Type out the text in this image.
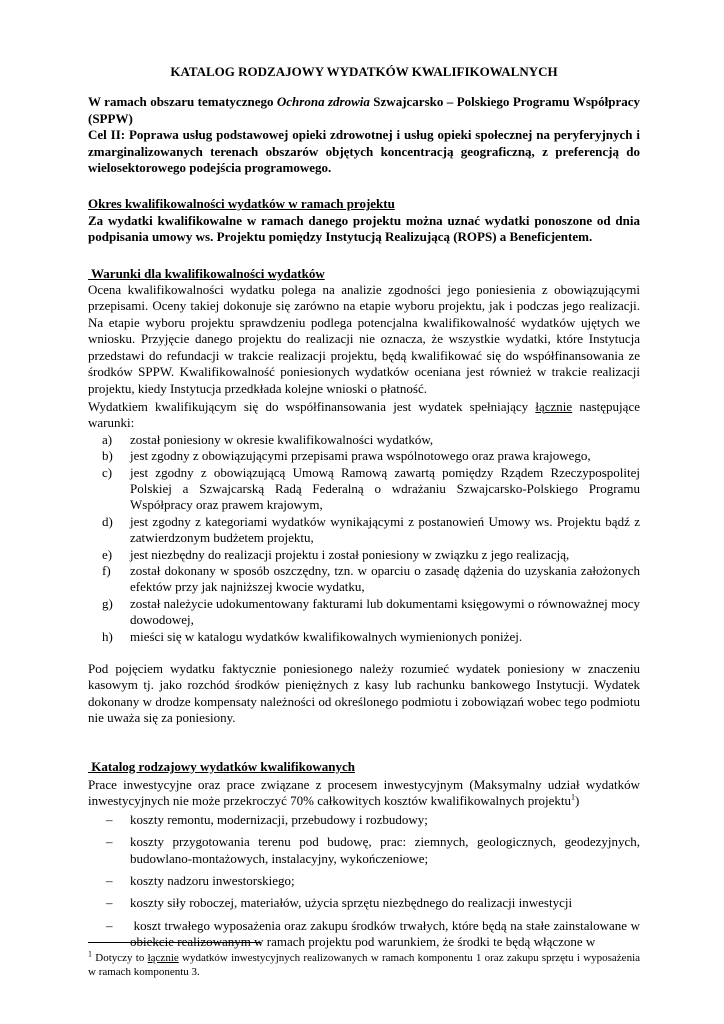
KATALOG RODZAJOWY WYDATKÓW KWALIFIKOWALNYCH

W ramach obszaru tematycznego Ochrona zdrowia Szwajcarsko – Polskiego Programu Współpracy (SPPW)

Cel II: Poprawa usług podstawowej opieki zdrowotnej i usług opieki społecznej na peryferyjnych i zmarginalizowanych terenach obszarów objętych koncentracją geograficzną, z preferencją do wielosektorowego podejścia programowego.

Okres kwalifikowalności wydatków w ramach projektu

Za wydatki kwalifikowalne w ramach danego projektu można uznać wydatki ponoszone od dnia podpisania umowy ws. Projektu pomiędzy Instytucją Realizującą (ROPS) a Beneficjentem.

Warunki dla kwalifikowalności wydatków

Ocena kwalifikowalności wydatku polega na analizie zgodności jego poniesienia z obowiązującymi przepisami. Oceny takiej dokonuje się zarówno na etapie wyboru projektu, jak i podczas jego realizacji. Na etapie wyboru projektu sprawdzeniu podlega potencjalna kwalifikowalność wydatków ujętych we wniosku. Przyjęcie danego projektu do realizacji nie oznacza, że wszystkie wydatki, które Instytucja przedstawi do refundacji w trakcie realizacji projektu, będą kwalifikować się do współfinansowania ze środków SPPW. Kwalifikowalność poniesionych wydatków oceniana jest również w trakcie realizacji projektu, kiedy Instytucja przedkłada kolejne wnioski o płatność.

Wydatkiem kwalifikującym się do współfinansowania jest wydatek spełniający łącznie następujące warunki:

a)	został poniesiony w okresie kwalifikowalności wydatków,
b)	jest zgodny z obowiązującymi przepisami prawa wspólnotowego oraz prawa krajowego,
c)	jest zgodny z obowiązującą Umową Ramową zawartą pomiędzy Rządem Rzeczypospolitej Polskiej a Szwajcarską Radą Federalną o wdrażaniu Szwajcarsko-Polskiego Programu Współpracy oraz prawem krajowym,
d)	jest zgodny z kategoriami wydatków wynikającymi z postanowień Umowy ws. Projektu bądź z zatwierdzonym budżetem projektu,
e)	jest niezbędny do realizacji projektu i został poniesiony w związku z jego realizacją,
f)	został dokonany w sposób oszczędny, tzn. w oparciu o zasadę dążenia do uzyskania założonych efektów przy jak najniższej kwocie wydatku,
g)	został należycie udokumentowany fakturami lub dokumentami księgowymi o równoważnej mocy dowodowej,
h)	mieści się w katalogu wydatków kwalifikowalnych wymienionych poniżej.

Pod pojęciem wydatku faktycznie poniesionego należy rozumieć wydatek poniesiony w znaczeniu kasowym tj. jako rozchód środków pieniężnych z kasy lub rachunku bankowego Instytucji. Wydatek dokonany w drodze kompensaty należności od określonego podmiotu i zobowiązań wobec tego podmiotu nie uważa się za poniesiony.

Katalog rodzajowy wydatków kwalifikowanych

Prace inwestycyjne oraz prace związane z procesem inwestycyjnym (Maksymalny udział wydatków inwestycyjnych nie może przekroczyć 70% całkowitych kosztów kwalifikowalnych projektu$^1$)

–	koszty remontu, modernizacji, przebudowy i rozbudowy;
–	koszty przygotowania terenu pod budowę, prac: ziemnych, geologicznych, geodezyjnych, budowlano-montażowych, instalacyjny, wykończeniowe;
–	koszty nadzoru inwestorskiego;
–	koszty siły roboczej, materiałów, użycia sprzętu niezbędnego do realizacji inwestycji
–	koszt trwałego wyposażenia oraz zakupu środków trwałych, które będą na stałe zainstalowane w obiekcie realizowanym w ramach projektu pod warunkiem, że środki te będą włączone w
$^1$ Dotyczy to łącznie wydatków inwestycyjnych realizowanych w ramach komponentu 1 oraz zakupu sprzętu i wyposażenia w ramach komponentu 3.
